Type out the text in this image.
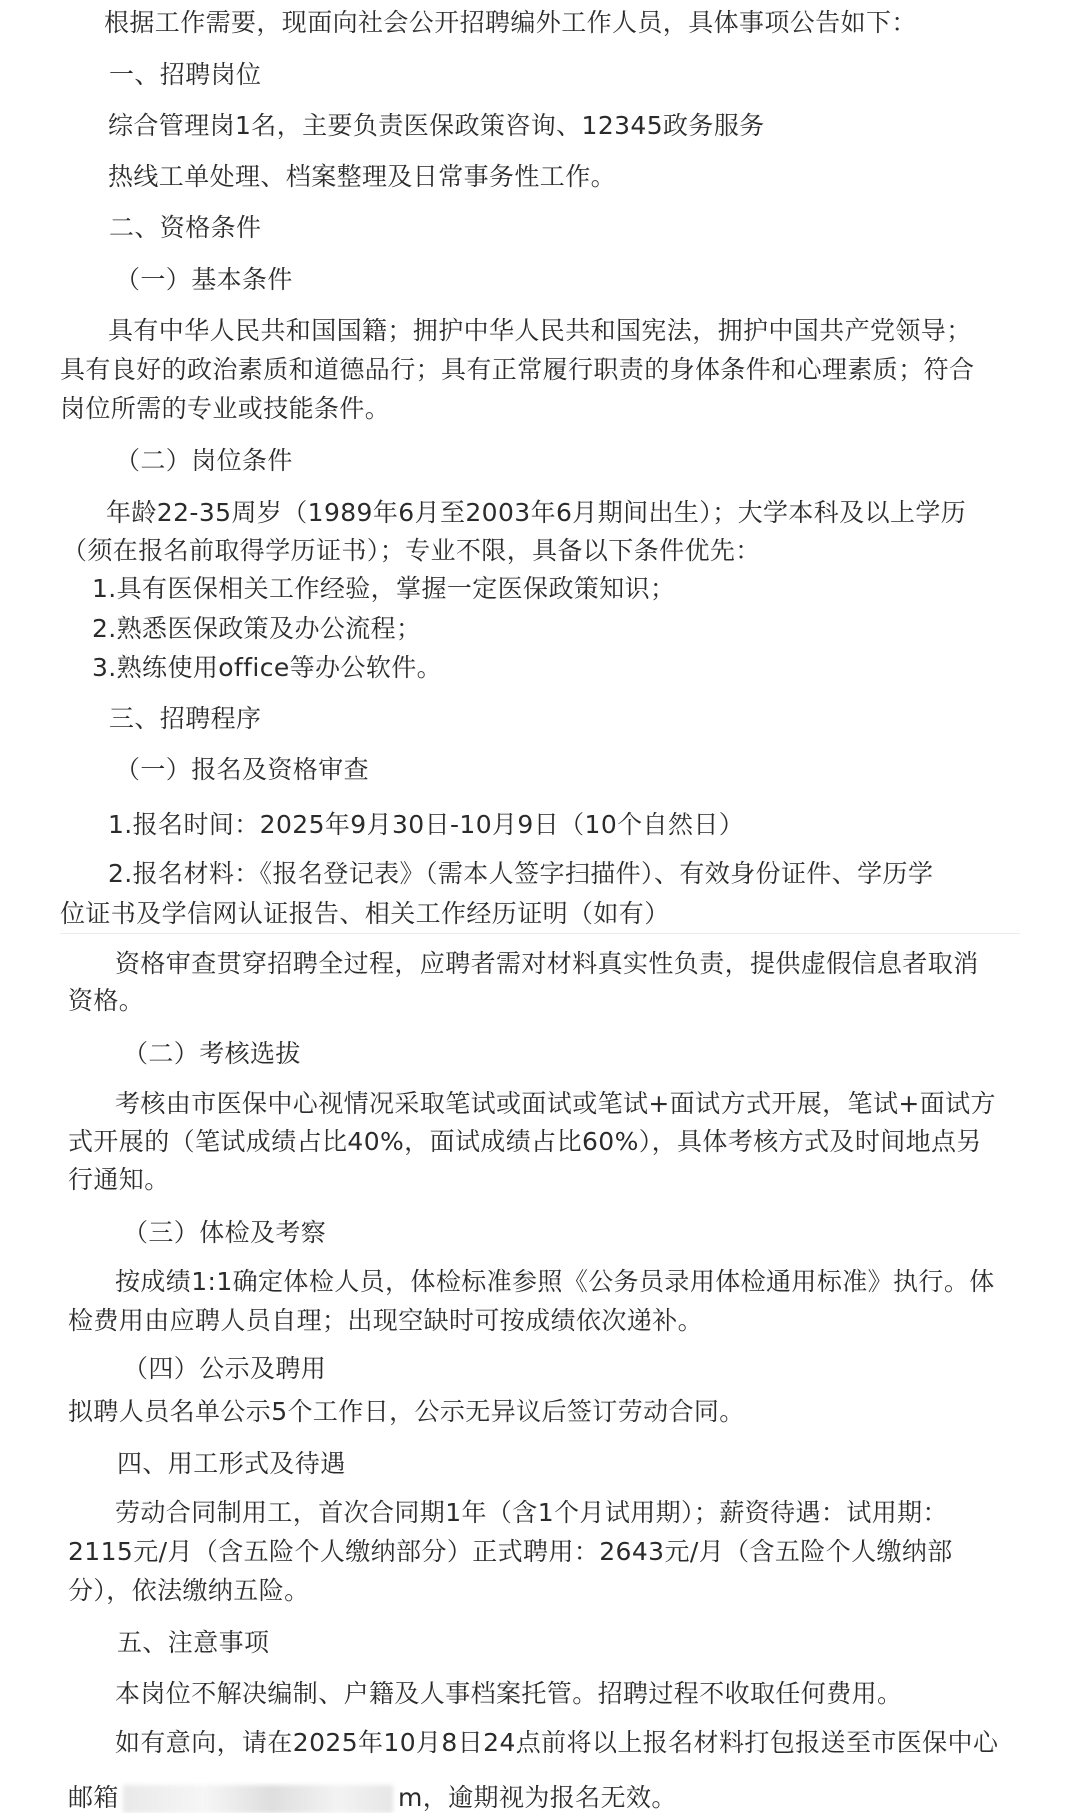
根据工作需要，现面向社会公开招聘编外工作人员，具体事项公告如下：

一、招聘岗位

综合管理岗1名，主要负责医保政策咨询、12345政务服务

热线工单处理、档案整理及日常事务性工作。

二、资格条件

（一）基本条件

具有中华人民共和国国籍；拥护中华人民共和国宪法，拥护中国共产党领导；

具有良好的政治素质和道德品行；具有正常履行职责的身体条件和心理素质；符合

岗位所需的专业或技能条件。

（二）岗位条件

年龄22-35周岁（1989年6月至2003年6月期间出生）；大学本科及以上学历

（须在报名前取得学历证书）；专业不限，具备以下条件优先：

1.具有医保相关工作经验，掌握一定医保政策知识；

2.熟悉医保政策及办公流程；

3.熟练使用office等办公软件。

三、招聘程序

（一）报名及资格审查

1.报名时间：2025年9月30日-10月9日（10个自然日）

2.报名材料：《报名登记表》（需本人签字扫描件）、有效身份证件、学历学

位证书及学信网认证报告、相关工作经历证明（如有）

资格审查贯穿招聘全过程，应聘者需对材料真实性负责，提供虚假信息者取消

资格。

（二）考核选拔

考核由市医保中心视情况采取笔试或面试或笔试+面试方式开展，笔试+面试方

式开展的（笔试成绩占比40%，面试成绩占比60%），具体考核方式及时间地点另

行通知。

（三）体检及考察

按成绩1:1确定体检人员，体检标准参照《公务员录用体检通用标准》执行。体

检费用由应聘人员自理；出现空缺时可按成绩依次递补。

（四）公示及聘用

拟聘人员名单公示5个工作日，公示无异议后签订劳动合同。

四、用工形式及待遇

劳动合同制用工，首次合同期1年（含1个月试用期）；薪资待遇：试用期：

2115元/月（含五险个人缴纳部分）正式聘用：2643元/月（含五险个人缴纳部

分），依法缴纳五险。

五、注意事项

本岗位不解决编制、户籍及人事档案托管。招聘过程不收取任何费用。

如有意向，请在2025年10月8日24点前将以上报名材料打包报送至市医保中心

邮箱	m，逾期视为报名无效。
